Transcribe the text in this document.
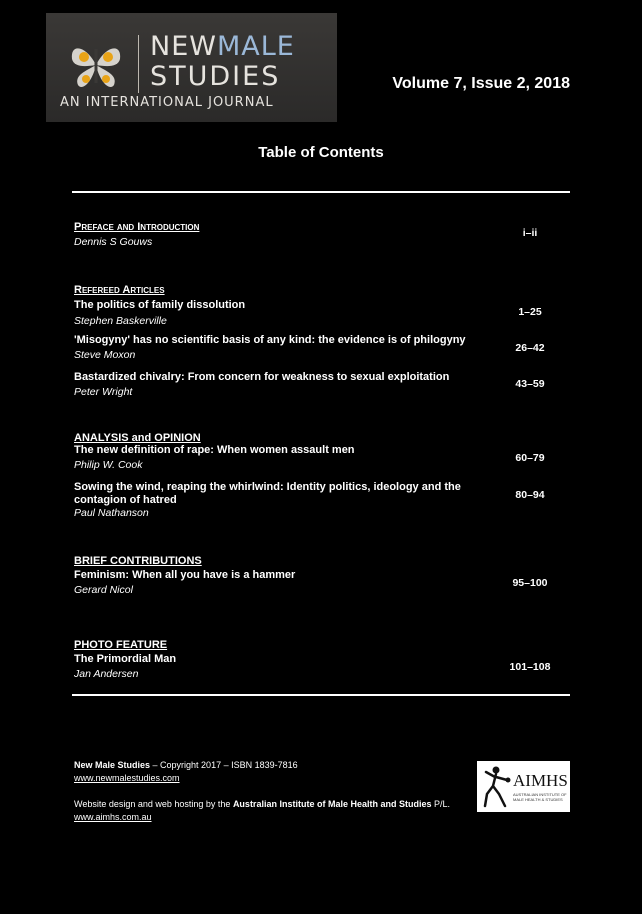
NEWMALE
STUDIES
AN INTERNATIONAL JOURNAL
Volume 7, Issue 2, 2018
Table of Contents
Preface and Introduction
Dennis S Gouws
i–ii
Refereed Articles
The politics of family dissolution
Stephen Baskerville
1–25
'Misogyny' has no scientific basis of any kind: the evidence is of philogyny
Steve Moxon
26–42
Bastardized chivalry: From concern for weakness to sexual exploitation
Peter Wright
43–59
ANALYSIS and OPINION
The new definition of rape: When women assault men
Philip W. Cook
60–79
Sowing the wind, reaping the whirlwind: Identity politics, ideology and the contagion of hatred
Paul Nathanson
80–94
BRIEF CONTRIBUTIONS
Feminism: When all you have is a hammer
Gerard Nicol
95–100
PHOTO FEATURE
The Primordial Man
Jan Andersen
101–108
New Male Studies – Copyright 2017 – ISBN 1839-7816
www.newmalestudies.com
Website design and web hosting by the Australian Institute of Male Health and Studies P/L.
www.aimhs.com.au
AIMHS
AUSTRALIAN INSTITUTE OF MALE HEALTH & STUDIES
